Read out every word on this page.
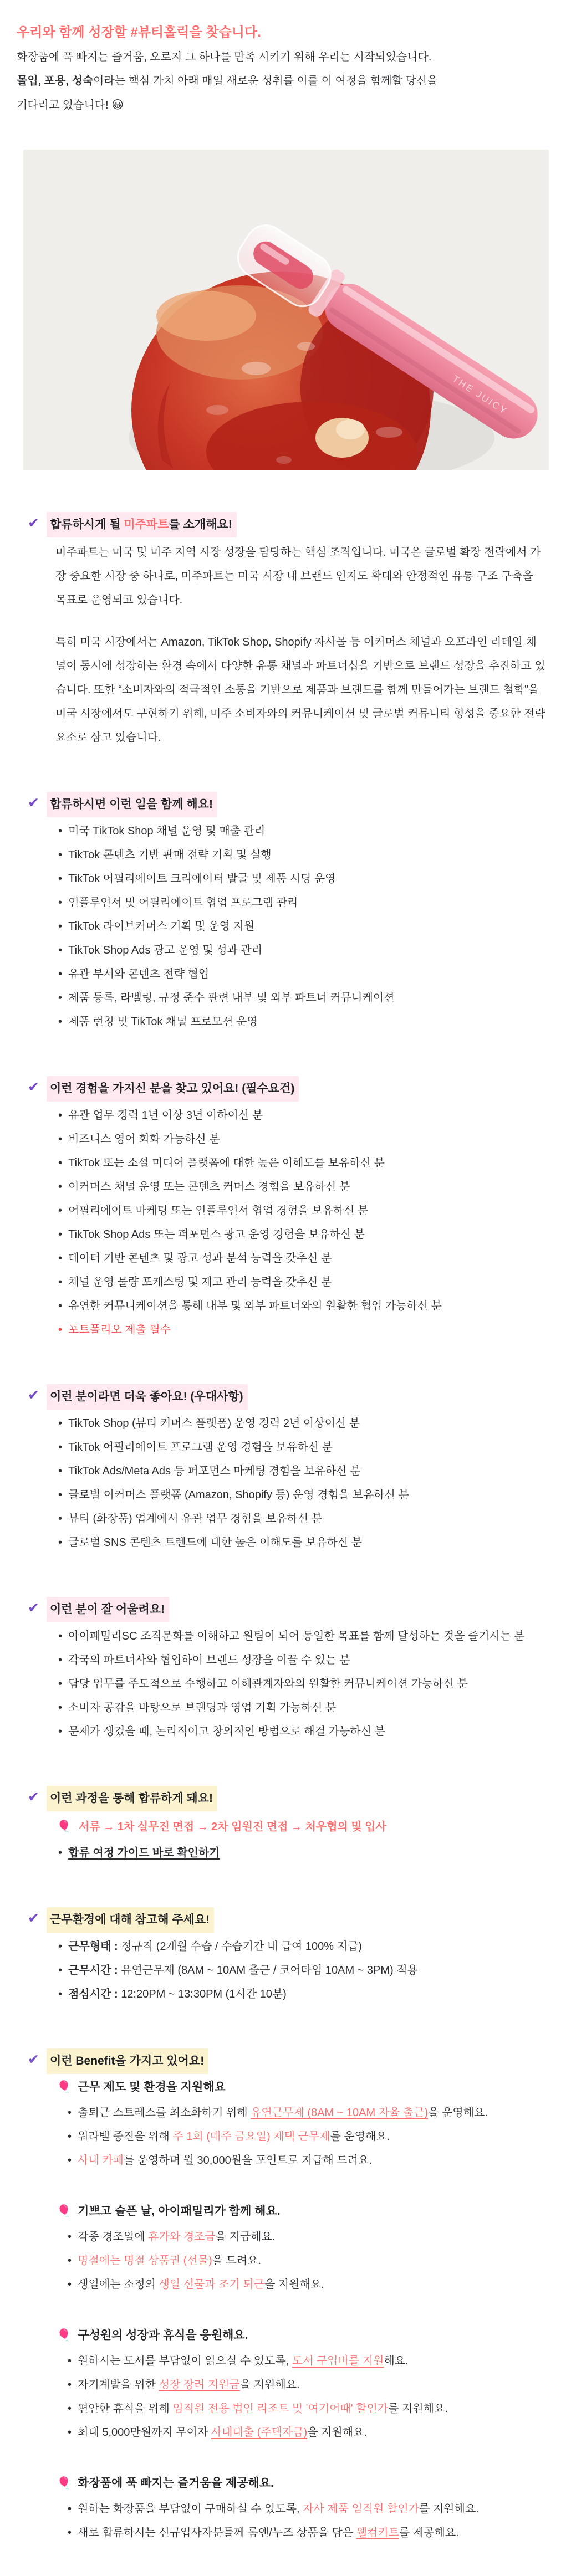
우리와 함께 성장할 #뷰티홀릭을 찾습니다.

화장품에 푹 빠지는 즐거움, 오로지 그 하나를 만족 시키기 위해 우리는 시작되었습니다.

몰입, 포용, 성숙이라는 핵심 가치 아래 매일 새로운 성취를 이룰 이 여정을 함께할 당신을

기다리고 있습니다! 😀

THE JUICY
✔ 합류하시게 될 미주파트를 소개해요!

미주파트는 미국 및 미주 지역 시장 성장을 담당하는 핵심 조직입니다. 미국은 글로벌 확장 전략에서 가장 중요한 시장 중 하나로, 미주파트는 미국 시장 내 브랜드 인지도 확대와 안정적인 유통 구조 구축을 목표로 운영되고 있습니다.

특히 미국 시장에서는 Amazon, TikTok Shop, Shopify 자사몰 등 이커머스 채널과 오프라인 리테일 채널이 동시에 성장하는 환경 속에서 다양한 유통 채널과 파트너십을 기반으로 브랜드 성장을 추진하고 있습니다. 또한 “소비자와의 적극적인 소통을 기반으로 제품과 브랜드를 함께 만들어가는 브랜드 철학”을 미국 시장에서도 구현하기 위해, 미주 소비자와의 커뮤니케이션 및 글로벌 커뮤니티 형성을 중요한 전략 요소로 삼고 있습니다.

✔ 합류하시면 이런 일을 함께 해요!
•  미국 TikTok Shop 채널 운영 및 매출 관리
•  TikTok 콘텐츠 기반 판매 전략 기획 및 실행
•  TikTok 어필리에이트 크리에이터 발굴 및 제품 시딩 운영
•  인플루언서 및 어필리에이트 협업 프로그램 관리
•  TikTok 라이브커머스 기획 및 운영 지원
•  TikTok Shop Ads 광고 운영 및 성과 관리
•  유관 부서와 콘텐츠 전략 협업
•  제품 등록, 라벨링, 규정 준수 관련 내부 및 외부 파트너 커뮤니케이션
•  제품 런칭 및 TikTok 채널 프로모션 운영
✔ 이런 경험을 가지신 분을 찾고 있어요! (필수요건)
•  유관 업무 경력 1년 이상 3년 이하이신 분
•  비즈니스 영어 회화 가능하신 분
•  TikTok 또는 소셜 미디어 플랫폼에 대한 높은 이해도를 보유하신 분
•  이커머스 채널 운영 또는 콘텐츠 커머스 경험을 보유하신 분
•  어필리에이트 마케팅 또는 인플루언서 협업 경험을 보유하신 분
•  TikTok Shop Ads 또는 퍼포먼스 광고 운영 경험을 보유하신 분
•  데이터 기반 콘텐츠 및 광고 성과 분석 능력을 갖추신 분
•  채널 운영 물량 포케스팅 및 재고 관리 능력을 갖추신 분
•  유연한 커뮤니케이션을 통해 내부 및 외부 파트너와의 원활한 협업 가능하신 분
•  포트폴리오 제출 필수
✔ 이런 분이라면 더욱 좋아요! (우대사항)
•  TikTok Shop (뷰티 커머스 플랫폼) 운영 경력 2년 이상이신 분
•  TikTok 어필리에이트 프로그램 운영 경험을 보유하신 분
•  TikTok Ads/Meta Ads 등 퍼포먼스 마케팅 경험을 보유하신 분
•  글로벌 이커머스 플랫폼 (Amazon, Shopify 등) 운영 경험을 보유하신 분
•  뷰티 (화장품) 업계에서 유관 업무 경험을 보유하신 분
•  글로벌 SNS 콘텐츠 트렌드에 대한 높은 이해도를 보유하신 분
✔ 이런 분이 잘 어울려요!
•  아이패밀리SC 조직문화를 이해하고 원팀이 되어 동일한 목표를 함께 달성하는 것을 즐기시는 분
•  각국의 파트너사와 협업하여 브랜드 성장을 이끌 수 있는 분
•  담당 업무를 주도적으로 수행하고 이해관계자와의 원활한 커뮤니케이션 가능하신 분
•  소비자 공감을 바탕으로 브랜딩과 영업 기획 가능하신 분
•  문제가 생겼을 때, 논리적이고 창의적인 방법으로 해결 가능하신 분
✔ 이런 과정을 통해 합류하게 돼요!
🎈 서류 → 1차 실무진 면접 → 2차 임원진 면접 → 처우협의 및 입사
•  합류 여정 가이드 바로 확인하기
✔ 근무환경에 대해 참고해 주세요!
•  근무형태 : 정규직 (2개월 수습 / 수습기간 내 급여 100% 지급)
•  근무시간 : 유연근무제 (8AM ~ 10AM 출근 / 코어타임 10AM ~ 3PM) 적용
•  점심시간 : 12:20PM ~ 13:30PM (1시간 10분)
✔ 이런 Benefit을 가지고 있어요!
🎈 근무 제도 및 환경을 지원해요
•  출퇴근 스트레스를 최소화하기 위해 유연근무제 (8AM ~ 10AM 자율 출근)을 운영해요.
•  워라밸 증진을 위해 주 1회 (매주 금요일) 재택 근무제를 운영해요.
•  사내 카페를 운영하며 월 30,000원을 포인트로 지급해 드려요.
🎈 기쁘고 슬픈 날, 아이패밀리가 함께 해요.
•  각종 경조일에 휴가와 경조금을 지급해요.
•  명절에는 명절 상품권 (선물)을 드려요.
•  생일에는 소정의 생일 선물과 조기 퇴근을 지원해요.
🎈 구성원의 성장과 휴식을 응원해요.
•  원하시는 도서를 부담없이 읽으실 수 있도록, 도서 구입비를 지원해요.
•  자기계발을 위한 성장 장려 지원금을 지원해요.
•  편안한 휴식을 위해 임직원 전용 법인 리조트 및 '여기어때' 할인가를 지원해요.
•  최대 5,000만원까지 무이자 사내대출 (주택자금)을 지원해요.
🎈 화장품에 푹 빠지는 즐거움을 제공해요.
•  원하는 화장품을 부담없이 구매하실 수 있도록, 자사 제품 임직원 할인가를 지원해요.
•  새로 합류하시는 신규입사자분들께 롬앤/누즈 상품을 담은 웰컴키트를 제공해요.
